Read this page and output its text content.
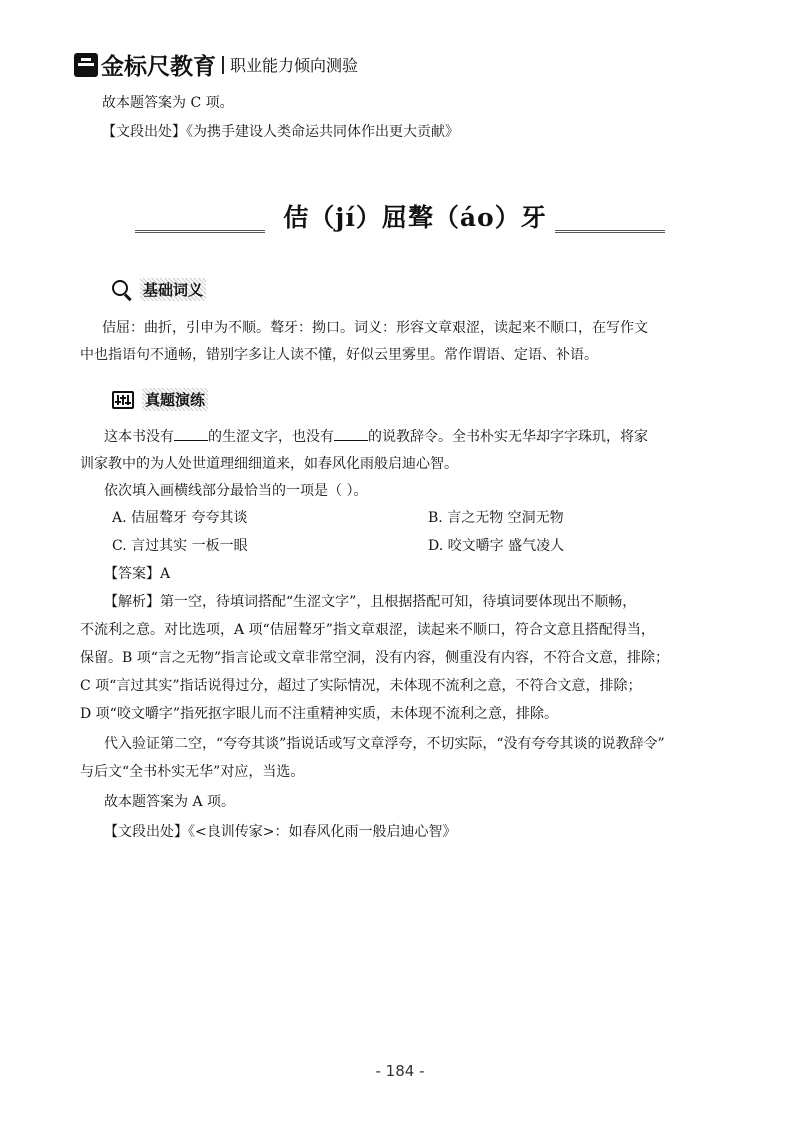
金标尺教育 职业能力倾向测验
故本题答案为 C 项。
【文段出处】《为携手建设人类命运共同体作出更大贡献》
佶（jí）屈聱（áo）牙
基础词义
佶屈：曲折，引申为不顺。聱牙：拗口。词义：形容文章艰涩，读起来不顺口，在写作文
中也指语句不通畅，错别字多让人读不懂，好似云里雾里。常作谓语、定语、补语。
真题演练
这本书没有 的生涩文字，也没有 的说教辞令。全书朴实无华却字字珠玑，将家
训家教中的为人处世道理细细道来，如春风化雨般启迪心智。
依次填入画横线部分最恰当的一项是（ ）。
A. 佶屈聱牙 夸夸其谈	B. 言之无物 空洞无物
C. 言过其实 一板一眼	D. 咬文嚼字 盛气凌人
【答案】A
【解析】第一空，待填词搭配“生涩文字”，且根据搭配可知，待填词要体现出不顺畅，
不流利之意。对比选项，A 项“佶屈聱牙”指文章艰涩，读起来不顺口，符合文意且搭配得当，
保留。B 项“言之无物”指言论或文章非常空洞，没有内容，侧重没有内容，不符合文意，排除；
C 项“言过其实”指话说得过分，超过了实际情况，未体现不流利之意，不符合文意，排除；
D 项“咬文嚼字”指死抠字眼儿而不注重精神实质，未体现不流利之意，排除。
代入验证第二空，“夸夸其谈”指说话或写文章浮夸，不切实际，“没有夸夸其谈的说教辞令”
与后文“全书朴实无华”对应，当选。
故本题答案为 A 项。
【文段出处】《<良训传家>：如春风化雨一般启迪心智》
- 184 -
